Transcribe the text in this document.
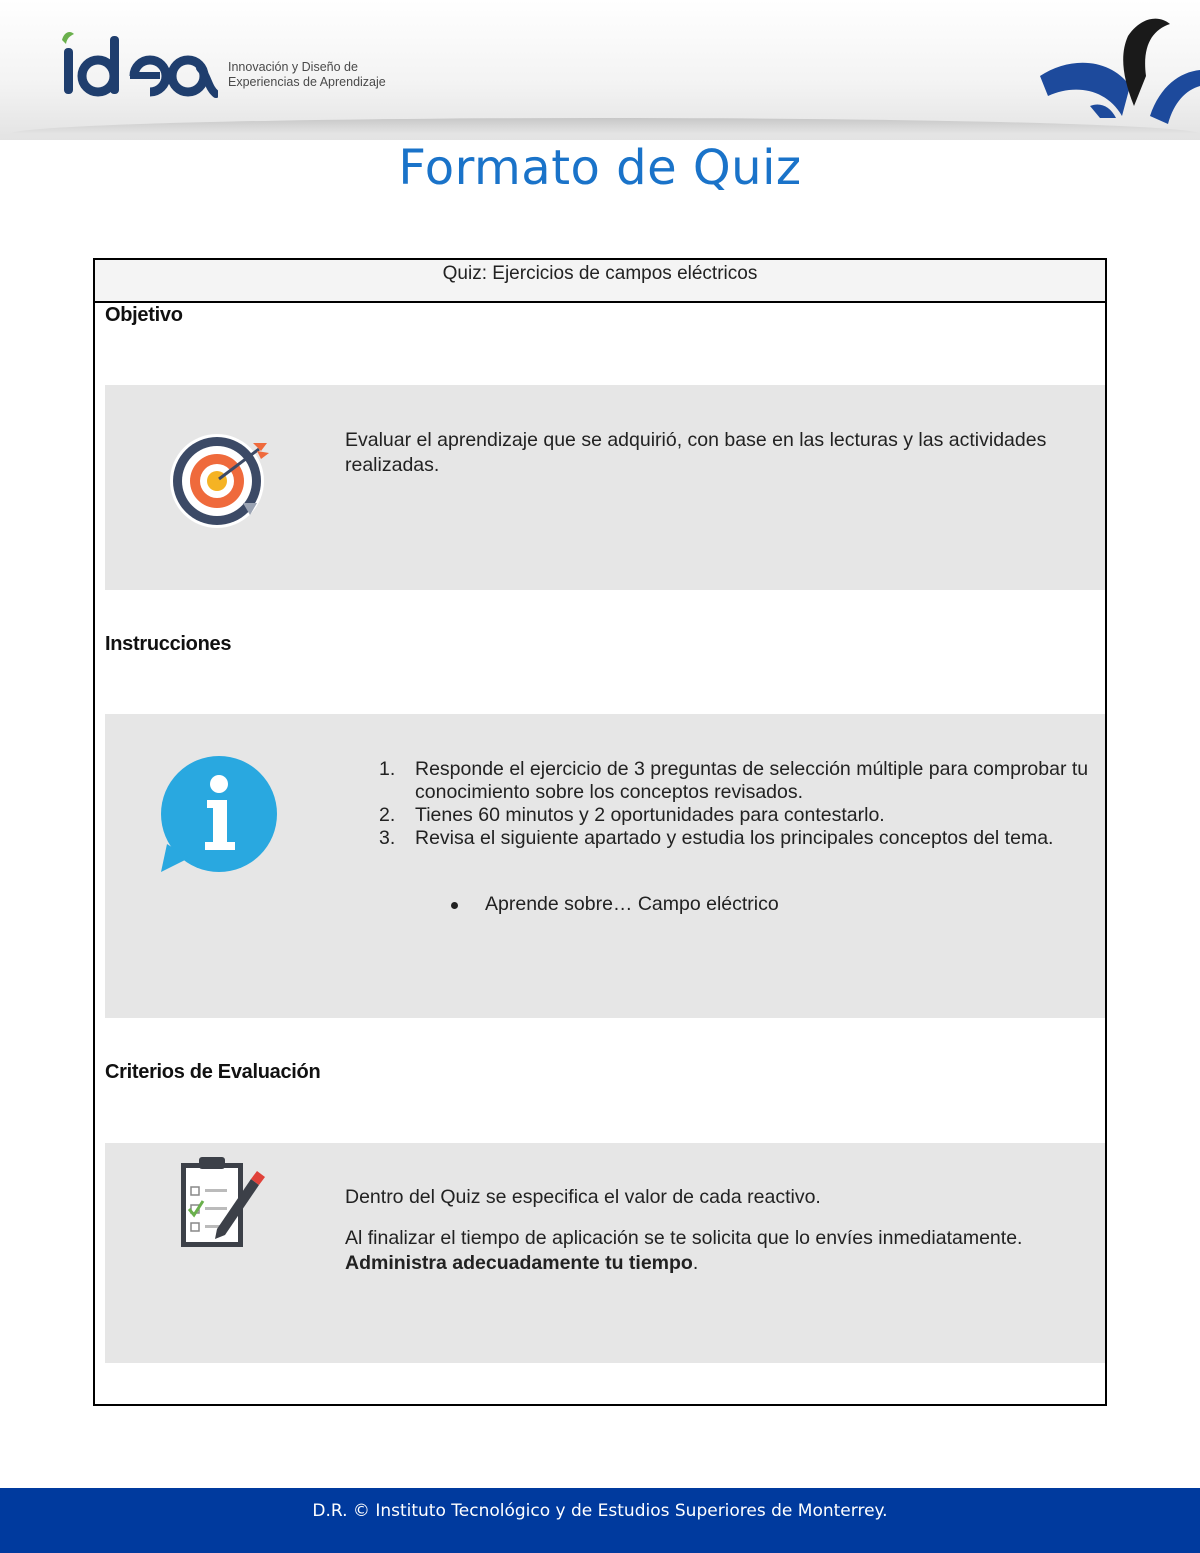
Innovación y Diseño de
Experiencias de Aprendizaje
Formato de Quiz
Quiz: Ejercicios de campos eléctricos
Objetivo
Evaluar el aprendizaje que se adquirió, con base en las lecturas y las actividades realizadas.
Instrucciones
1. Responde el ejercicio de 3 preguntas de selección múltiple para comprobar tu conocimiento sobre los conceptos revisados.
2. Tienes 60 minutos y 2 oportunidades para contestarlo.
3. Revisa el siguiente apartado y estudia los principales conceptos del tema.
Aprende sobre… Campo eléctrico
Criterios de Evaluación
Dentro del Quiz se especifica el valor de cada reactivo.
Al finalizar el tiempo de aplicación se te solicita que lo envíes inmediatamente.
Administra adecuadamente tu tiempo.
D.R. © Instituto Tecnológico y de Estudios Superiores de Monterrey.
